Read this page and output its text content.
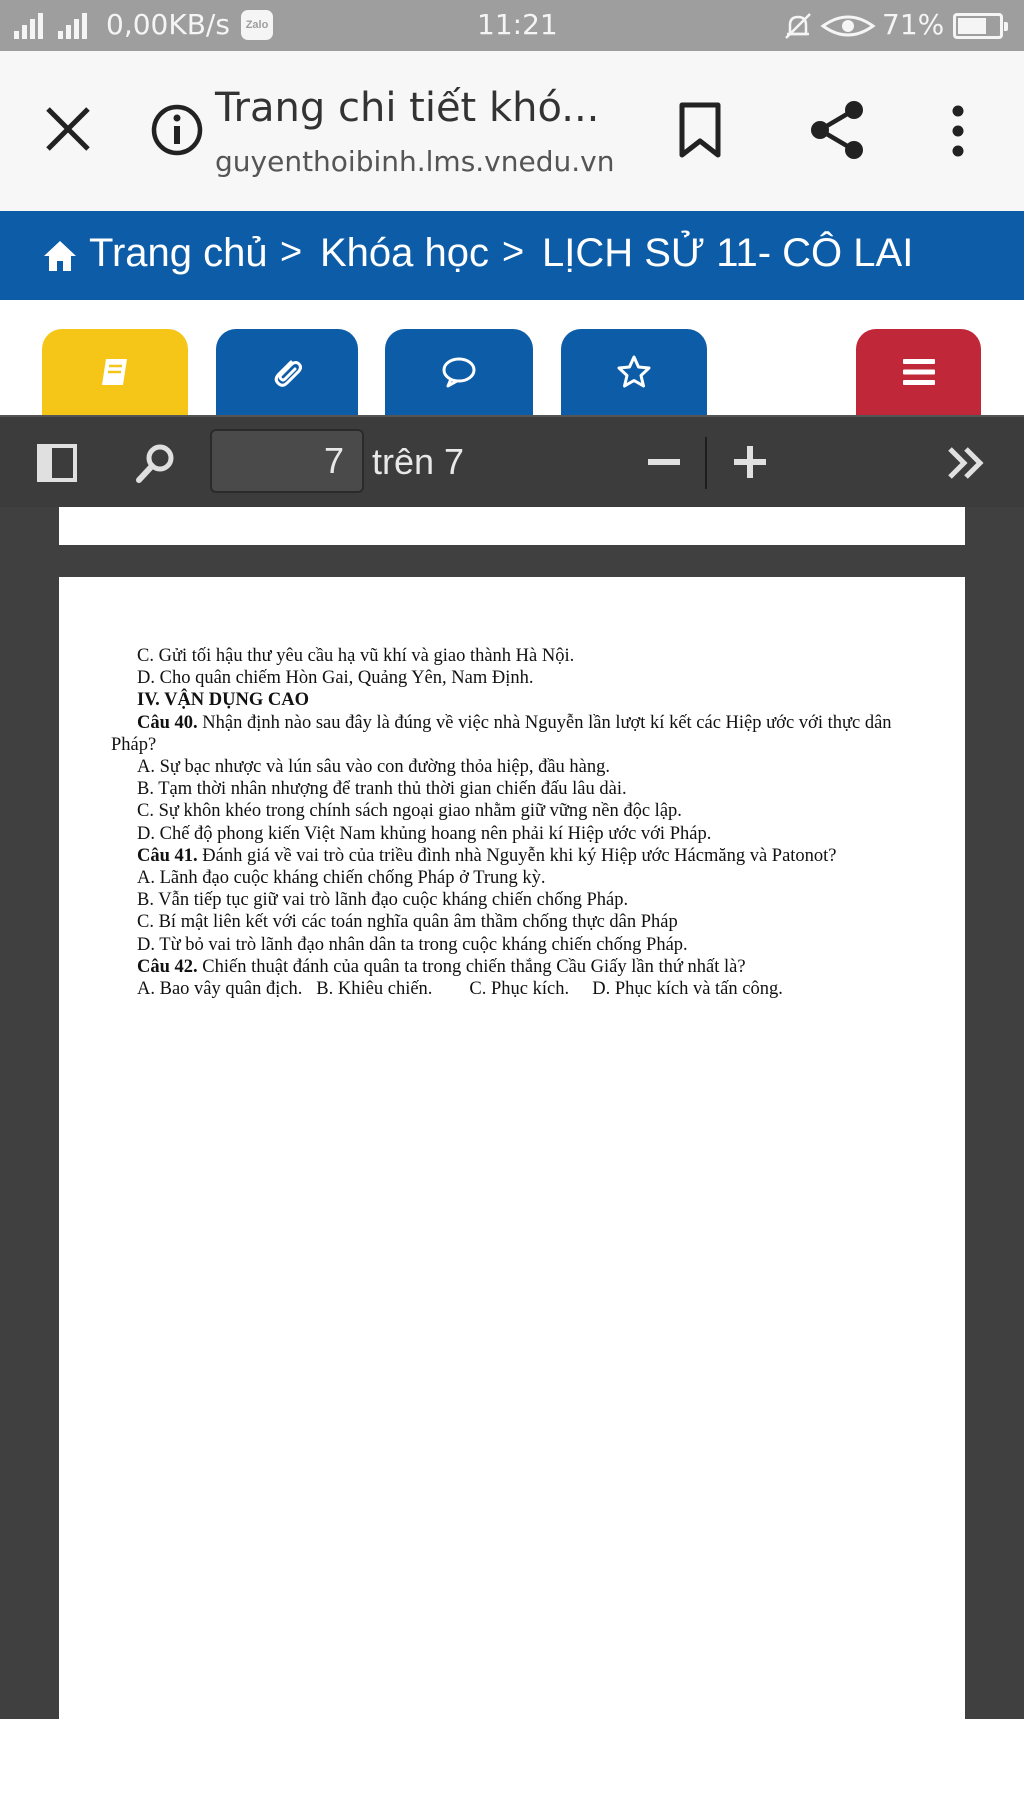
0,00KB/s	Zalo	11:21	71%
Trang chi tiết khó...
guyenthoibinh.lms.vnedu.vn
Trang chủ > Khóa học > LỊCH SỬ 11- CÔ LAI
7
trên 7
C. Gửi tối hậu thư yêu cầu hạ vũ khí và giao thành Hà Nội.
D. Cho quân chiếm Hòn Gai, Quảng Yên, Nam Định.
IV. VẬN DỤNG CAO
Câu 40. Nhận định nào sau đây là đúng về việc nhà Nguyễn lần lượt kí kết các Hiệp ước với thực dân Pháp?
A. Sự bạc nhược và lún sâu vào con đường thỏa hiệp, đầu hàng.
B. Tạm thời nhân nhượng để tranh thủ thời gian chiến đấu lâu dài.
C. Sự khôn khéo trong chính sách ngoại giao nhằm giữ vững nền độc lập.
D. Chế độ phong kiến Việt Nam khủng hoang nên phải kí Hiệp ước với Pháp.
Câu 41. Đánh giá về vai trò của triều đình nhà Nguyễn khi ký Hiệp ước Hácmăng và Patonot?
A. Lãnh đạo cuộc kháng chiến chống Pháp ở Trung kỳ.
B. Vẫn tiếp tục giữ vai trò lãnh đạo cuộc kháng chiến chống Pháp.
C. Bí mật liên kết với các toán nghĩa quân âm thầm chống thực dân Pháp
D. Từ bỏ vai trò lãnh đạo nhân dân ta trong cuộc kháng chiến chống Pháp.
Câu 42. Chiến thuật đánh của quân ta trong chiến thắng Cầu Giấy lần thứ nhất là?
A. Bao vây quân địch.   B. Khiêu chiến.        C. Phục kích.     D. Phục kích và tấn công.
